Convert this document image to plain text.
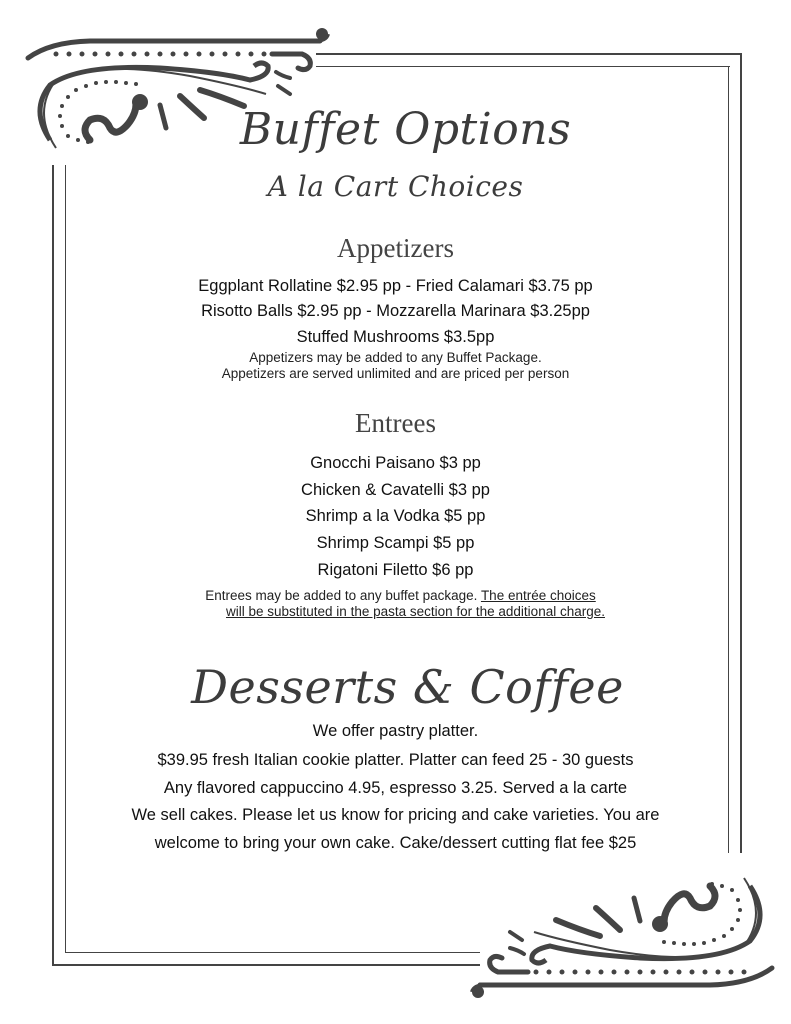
Buffet Options
A la Cart Choices
Appetizers
Eggplant Rollatine $2.95 pp - Fried Calamari $3.75 pp
Risotto Balls $2.95 pp - Mozzarella Marinara $3.25pp
Stuffed Mushrooms $3.5pp
Appetizers may be added to any Buffet Package.
Appetizers are served unlimited and are priced per person
Entrees
Gnocchi Paisano $3 pp
Chicken & Cavatelli $3 pp
Shrimp a la Vodka $5 pp
Shrimp Scampi $5 pp
Rigatoni Filetto $6 pp
Entrees may be added to any buffet package. The entrée choices
will be substituted in the pasta section for the additional charge.
Desserts & Coffee
We offer pastry platter.
$39.95 fresh Italian cookie platter. Platter can feed 25 - 30 guests
Any flavored cappuccino 4.95, espresso 3.25. Served a la carte
We sell cakes. Please let us know for pricing and cake varieties. You are
welcome to bring your own cake. Cake/dessert cutting flat fee $25
